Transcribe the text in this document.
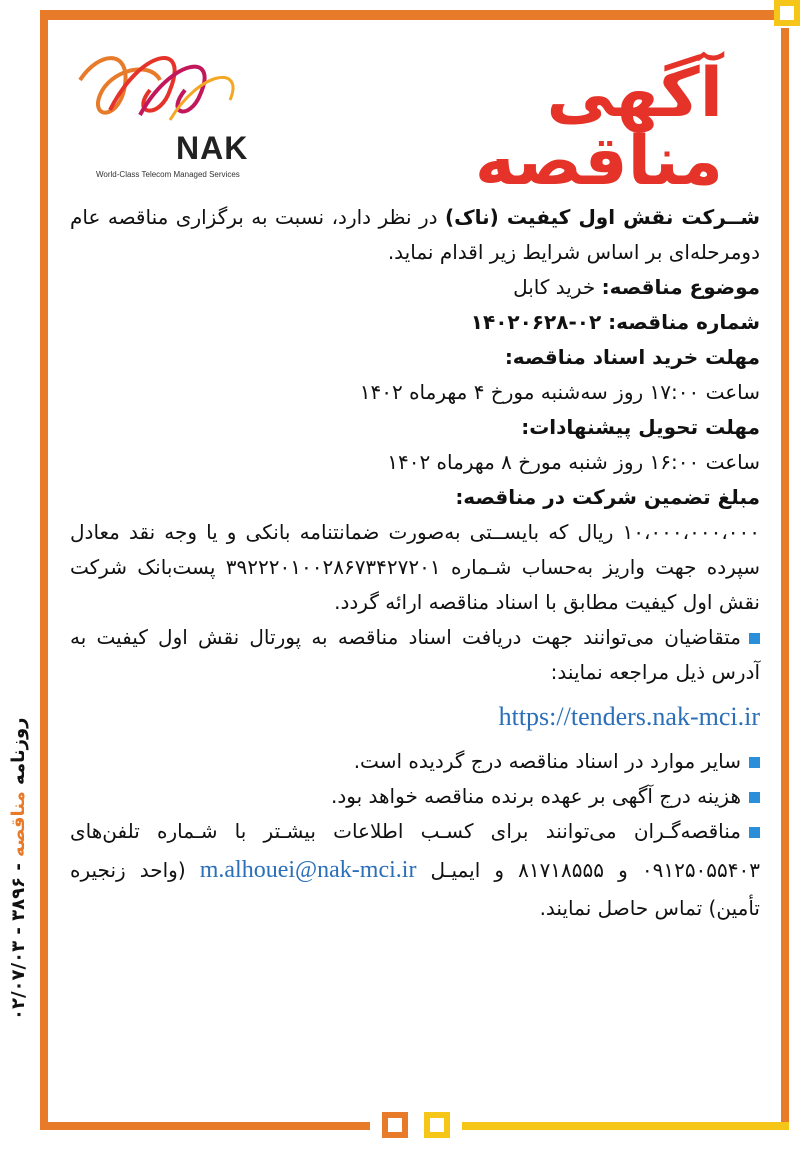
NAK
World-Class Telecom Managed Services
آگهی مناقصه

شــرکت نقش اول کیفیت (ناک) در نظر دارد، نسبت به برگزاری مناقصه عام دومرحله‌ای بر اساس شرایط زیر اقدام نماید.

موضوع مناقصه: خرید کابل

شماره مناقصه: ۰۲-۱۴۰۲۰۶۲۸

مهلت خرید اسناد مناقصه:

ساعت ۱۷:۰۰ روز سه‌شنبه مورخ ۴ مهرماه ۱۴۰۲

مهلت تحویل پیشنهادات:

ساعت ۱۶:۰۰ روز شنبه مورخ ۸ مهرماه ۱۴۰۲

مبلغ تضمین شرکت در مناقصه:

۱۰،۰۰۰،۰۰۰،۰۰۰ ریال که بایســتی به‌صورت ضمانتنامه بانکی و یا وجه نقد معادل سپرده جهت واریز به‌حساب شـماره ۳۹۲۲۲۰۱۰۰۲۸۶۷۳۴۲۷۲۰۱ پست‌بانک شرکت نقش اول کیفیت مطابق با اسناد مناقصه ارائه گردد.

متقاضیان می‌توانند جهت دریافت اسناد مناقصه به پورتال نقش اول کیفیت به آدرس ذیل مراجعه نمایند:

https://tenders.nak-mci.ir

سایر موارد در اسناد مناقصه درج گردیده است.

هزینه درج آگهی بر عهده برنده مناقصه خواهد بود.

مناقصه‌گـران می‌توانند برای کسـب اطلاعات بیشـتر با شـماره تلفن‌های ۰۹۱۲۵۰۵۵۴۰۳ و ۸۱۷۱۸۵۵۵ و ایمیـل m.alhouei@nak-mci.ir (واحد زنجیره تأمین) تماس حاصل نمایند.

روزنامه مناقصه - ۳۸۹۶ - ۰۲/۰۷/۰۳
